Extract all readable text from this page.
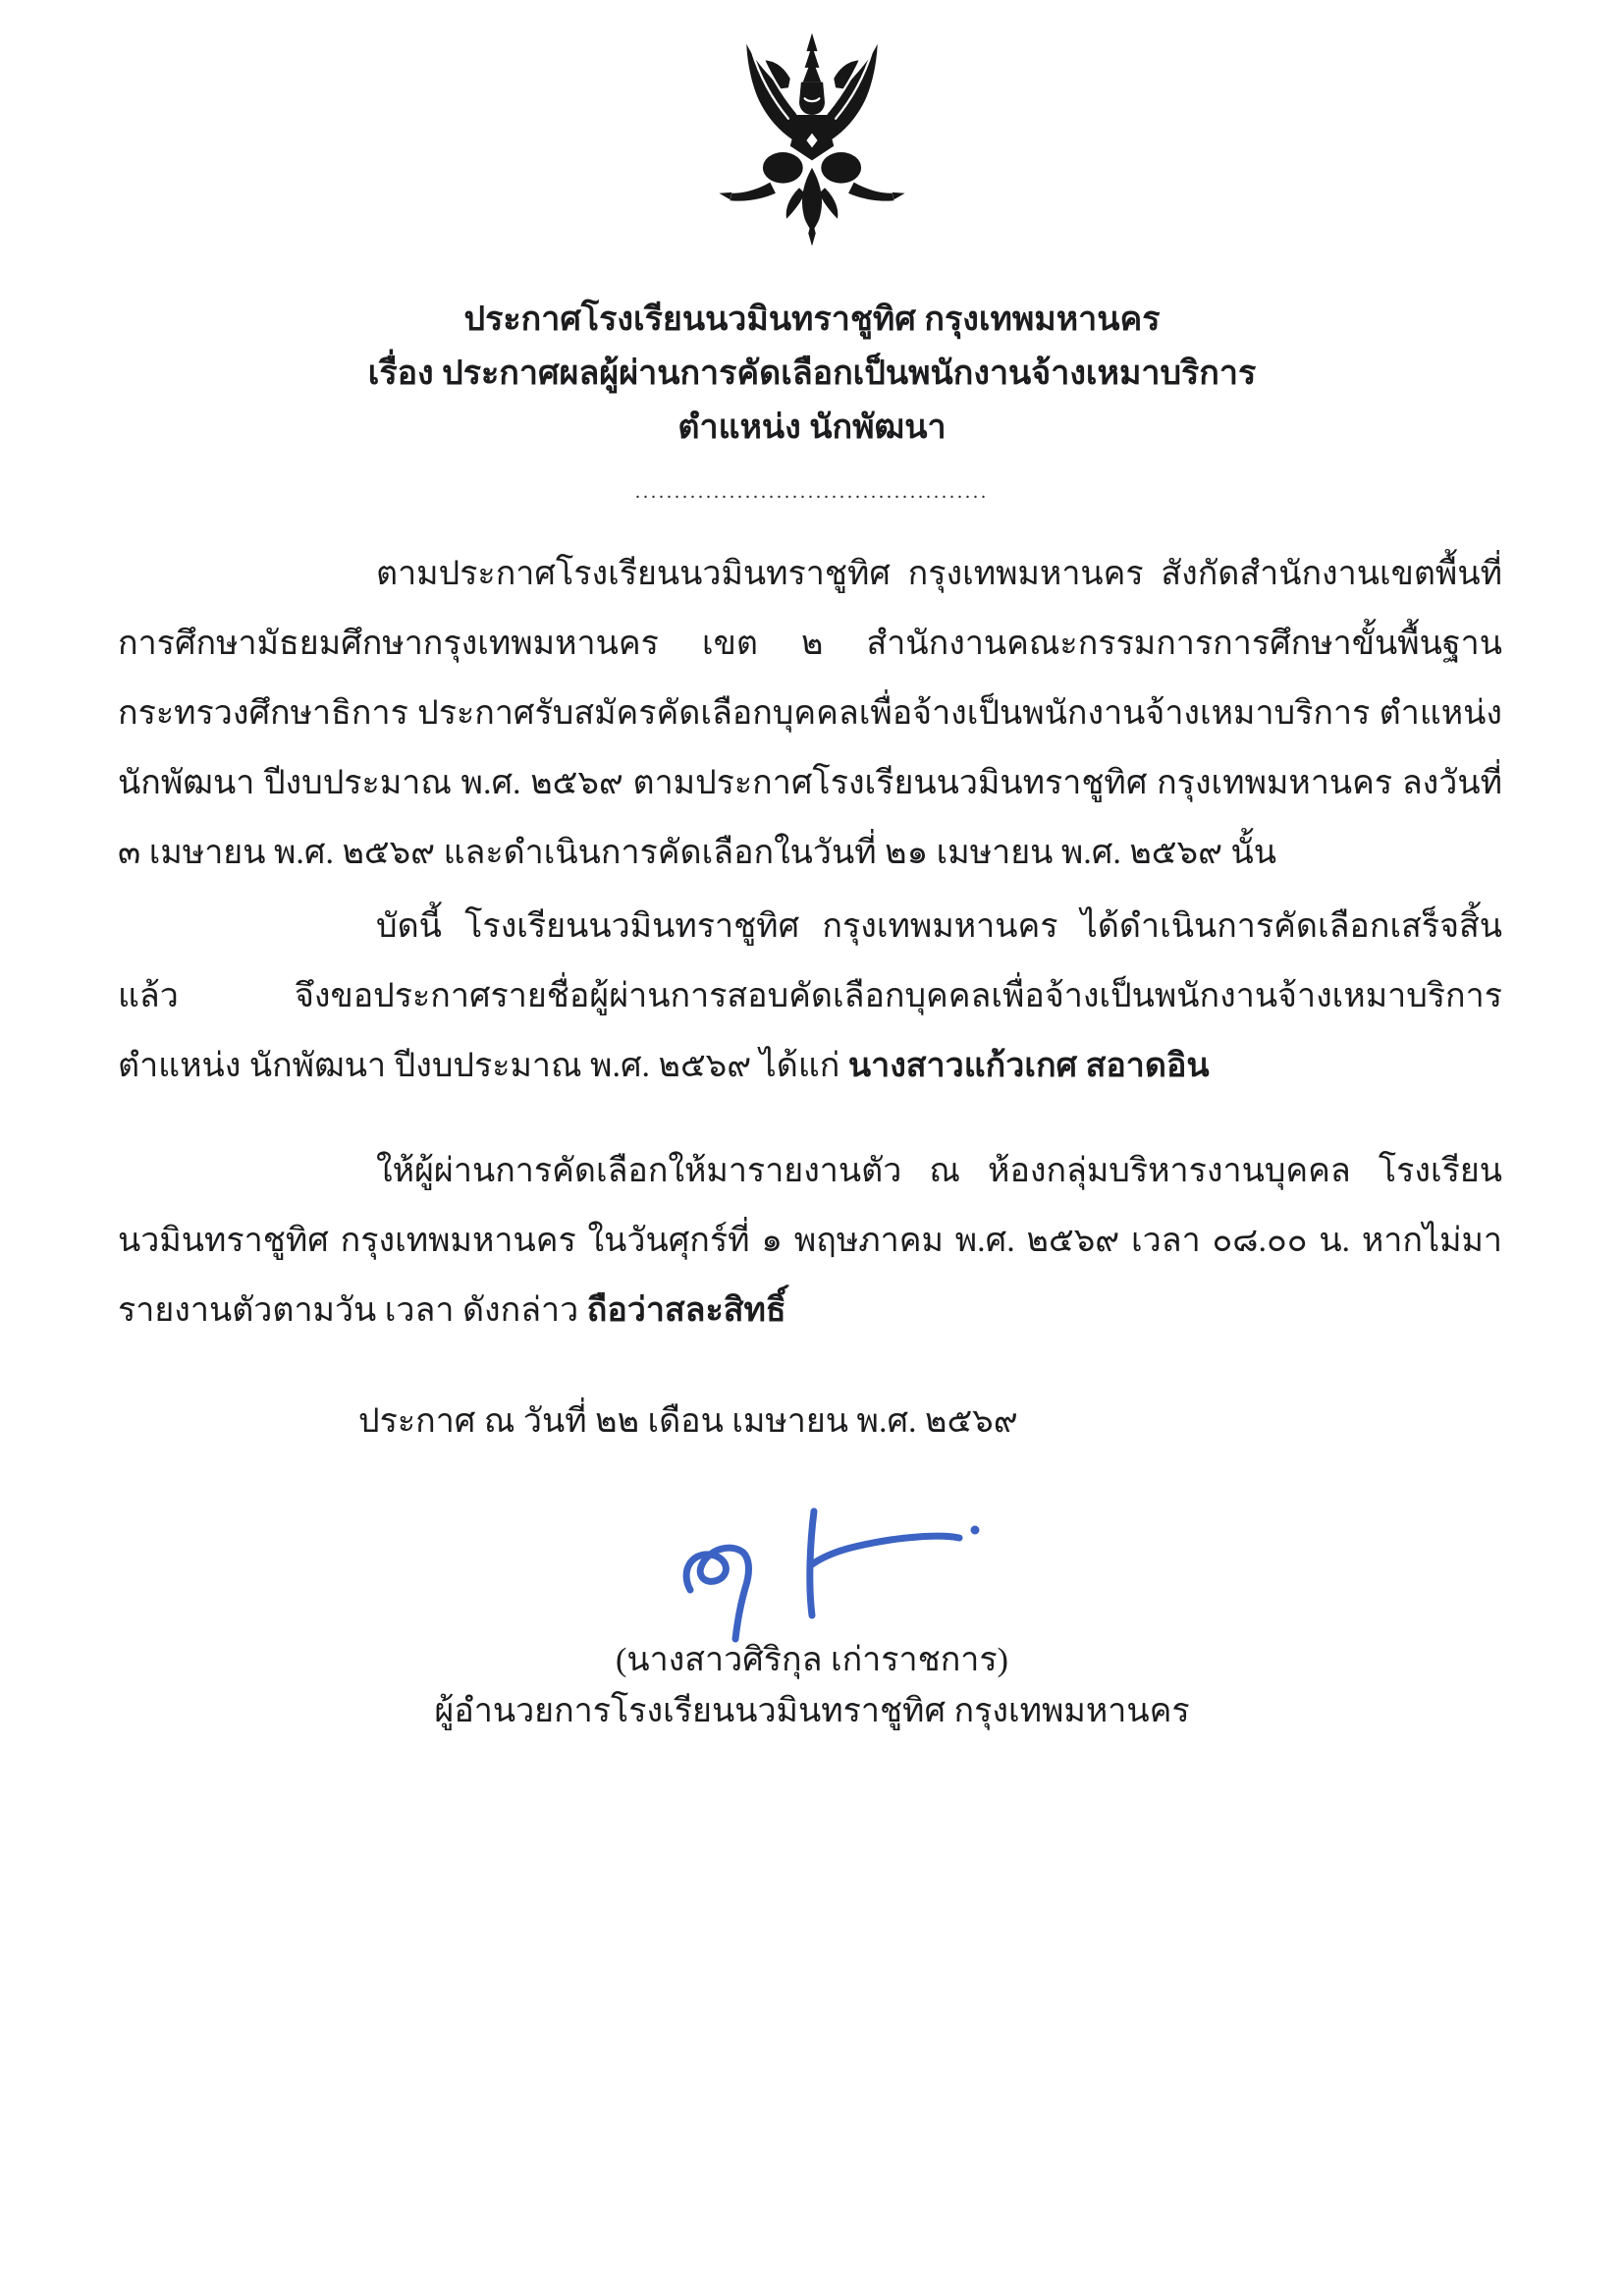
ประกาศโรงเรียนนวมินทราชูทิศ กรุงเทพมหานคร
เรื่อง ประกาศผลผู้ผ่านการคัดเลือกเป็นพนักงานจ้างเหมาบริการ
ตำแหน่ง นักพัฒนา
.............................................

ตามประกาศโรงเรียนนวมินทราชูทิศ กรุงเทพมหานคร สังกัดสำนักงานเขตพื้นที่การศึกษามัธยมศึกษากรุงเทพมหานคร เขต ๒ สำนักงานคณะกรรมการการศึกษาขั้นพื้นฐาน กระทรวงศึกษาธิการ ประกาศรับสมัครคัดเลือกบุคคลเพื่อจ้างเป็นพนักงานจ้างเหมาบริการ ตำแหน่งนักพัฒนา ปีงบประมาณ พ.ศ. ๒๕๖๙ ตามประกาศโรงเรียนนวมินทราชูทิศ กรุงเทพมหานคร ลงวันที่ ๓ เมษายน พ.ศ. ๒๕๖๙ และดำเนินการคัดเลือกในวันที่ ๒๑ เมษายน พ.ศ. ๒๕๖๙ นั้น

บัดนี้ โรงเรียนนวมินทราชูทิศ กรุงเทพมหานคร ได้ดำเนินการคัดเลือกเสร็จสิ้นแล้ว จึงขอประกาศรายชื่อผู้ผ่านการสอบคัดเลือกบุคคลเพื่อจ้างเป็นพนักงานจ้างเหมาบริการ ตำแหน่ง นักพัฒนา ปีงบประมาณ พ.ศ. ๒๕๖๙ ได้แก่ นางสาวแก้วเกศ สอาดอิน

ให้ผู้ผ่านการคัดเลือกให้มารายงานตัว ณ ห้องกลุ่มบริหารงานบุคคล โรงเรียนนวมินทราชูทิศ กรุงเทพมหานคร ในวันศุกร์ที่ ๑ พฤษภาคม พ.ศ. ๒๕๖๙ เวลา ๐๘.๐๐ น. หากไม่มารายงานตัวตามวัน เวลา ดังกล่าว ถือว่าสละสิทธิ์

ประกาศ ณ วันที่ ๒๒ เดือน เมษายน พ.ศ. ๒๕๖๙
(นางสาวศิริกุล เก่าราชการ)
ผู้อำนวยการโรงเรียนนวมินทราชูทิศ กรุงเทพมหานคร
